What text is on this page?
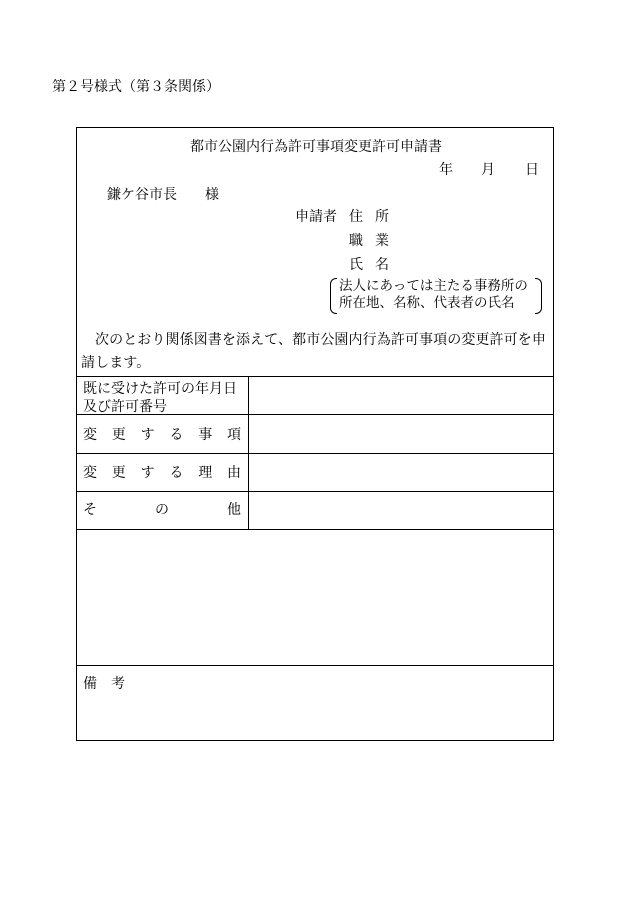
第２号様式（第３条関係）
都市公園内行為許可事項変更許可申請書
年 月 日
鎌ケ谷市長　　様
申請者 住所
職業
氏名
法人にあっては主たる事務所の
所在地、名称、代表者の氏名
次のとおり関係図書を添えて、都市公園内行為許可事項の変更許可を申請します。
既に受けた許可の年月日及び許可番号
変 更 す る 事 項
変 更 す る 理 由
そ	の	他
備考
